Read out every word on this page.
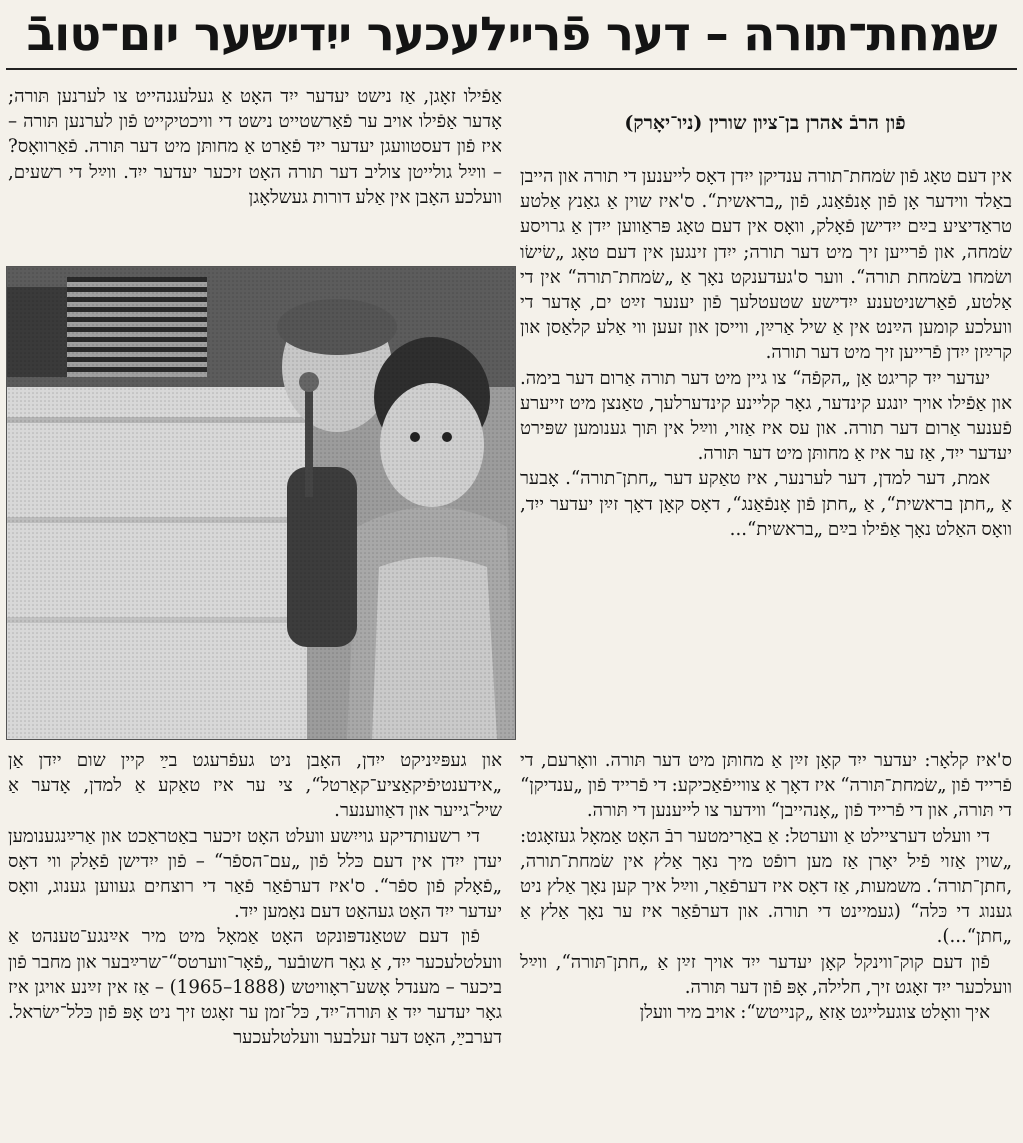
שמחת־תורה – דער פֿריילעכער ייִדישער יום־טובֿ
פֿון הרבֿ אהרן בן־ציון שורין (ניו־יאָרק)

אין דעם טאָג פֿון שׂמחת־תורה ענדיקן ייִדן דאָס לייענען די תורה און הייבן באַלד ווידער אָן פֿון אָנפֿאַנג, פֿון „בראשית“. ס'איז שוין אַ גאַנץ אַלטע טראַדיציע בײַם ייִדישן פֿאָלק, וואָס אין דעם טאָג פּראַווען ייִדן אַ גרויסע שׂמחה, און פֿרייען זיך מיט דער תורה; ייִדן זינגען אין דעם טאָג „שׂישׂו ושׂמחו בשׂמחת תורה“. ווער ס'געדענקט נאָך אַ „שׂמחת־תורה“ אין די אַלטע, פֿאַרשניטענע ייִדישע שטעטלעך פֿון יענער זײַט ים, אָדער די וועלכע קומען הײַנט אין אַ שיל אַרײַן, ווייסן און זעען ווי אַלע קלאַסן און קרײַזן ייִדן פֿרייען זיך מיט דער תורה.

יעדער ייִד קריגט אַן „הקפֿה“ צו גיין מיט דער תורה אַרום דער בימה. און אַפֿילו אויך יונגע קינדער, גאָר קליינע קינדערלעך, טאַנצן מיט זייערע פֿענער אַרום דער תורה. און עס איז אַזוי, ווײַל אין תּוך גענומען שפּירט יעדער ייִד, אַז ער איז אַ מחותּן מיט דער תּורה.

אמת, דער למדן, דער לערנער, איז טאַקע דער „חתן־תורה“. אָבער אַ „חתן בראשית“, אַ „חתן פֿון אָנפֿאַנג“, דאָס קאָן דאָך זײַן יעדער ייִד, וואָס האַלט נאָך אַפֿילו בײַם „בראשית“...

אַפֿילו זאָגן, אַז נישט יעדער ייִד האָט אַ געלעגנהייט צו לערנען תּורה; אָדער אַפֿילו אויב ער פֿאַרשטייט נישט די וויכטיקייט פֿון לערנען תּורה – איז פֿון דעסטוועגן יעדער ייִד פֿאַרט אַ מחותּן מיט דער תּורה. פֿאַרוואָס? – ווײַל גולייטן צוליב דער תורה האָט זיכער יעדער ייִד. ווײַל די רשעים, וועלכע האָבן אין אַלע דורות געשלאָגן

ס'איז קלאָר: יעדער ייִד קאָן זײַן אַ מחותּן מיט דער תּורה. וואָרעם, די פֿרייד פֿון „שׂמחת־תּורה“ איז דאָך אַ צווייפֿאַכיקע: די פֿרייד פֿון „ענדיקן“ די תּורה, און די פֿרייד פֿון „אָנהייבן“ ווידער צו לייענען די תּורה.

די וועלט דערציילט אַ ווערטל: אַ באַרימטער רבֿ האָט אַמאָל געזאָגט: „שוין אַזוי פֿיל יאָרן אַז מען רופֿט מיך נאָך אַלץ אין שׂמחת־תורה, ‚חתן־תורה‘. משמעות, אַז דאָס איז דערפֿאַר, ווײַל איך קען נאָך אַלץ ניט גענוג די כּלה“ (געמיינט די תורה. און דערפֿאַר איז ער נאָך אַלץ אַ „חתן“...).

פֿון דעם קוק־ווינקל קאָן יעדער ייִד אויך זײַן אַ „חתן־תּורה“, ווײַל וועלכער ייִד זאָגט זיך, חלילה, אָפּ פֿון דער תּורה.

איך וואָלט צוגעלייגט אַזאַ „קנייטש“: אויב מיר וועלן

און געפּײַניקט ייִדן, האָבן ניט געפֿרעגט בײַ קיין שום ייִדן אַן „אידענטיפֿיקאַציע־קאַרטל“, צי ער איז טאַקע אַ למדן, אָדער אַ שיל־גייער און דאַווענער.

די רשעותדיקע גוייִשע וועלט האָט זיכער באַטראַכט און אַרײַנגענומען יעדן ייִדן אין דעם כּלל פֿון „עם־הספֿר“ – פֿון ייִדישן פֿאָלק ווי דאָס „פֿאָלק פֿון ספֿר“. ס'איז דערפֿאַר פֿאַר די רוצחים געווען גענוג, וואָס יעדער ייִד האָט געהאַט דעם נאָמען ייִד.

פֿון דעם שטאַנדפּונקט האָט אַמאָל מיט מיר אײַנגע־טענהט אַ וועלטלעכער ייִד, אַ גאָר חשובֿער „פֿאָר־ווערטס“־שרײַבער און מחבר פֿון ביכער – מענדל אָשע־ראָוויטש (1888–1965) – אַז אין זײַנע אויגן איז גאָר יעדער ייִד אַ תּורה־ייִד, כּל־זמן ער זאָגט זיך ניט אָפּ פֿון כּלל־ישׂראל. דערבײַ, האָט דער זעלבער וועלטלעכער
